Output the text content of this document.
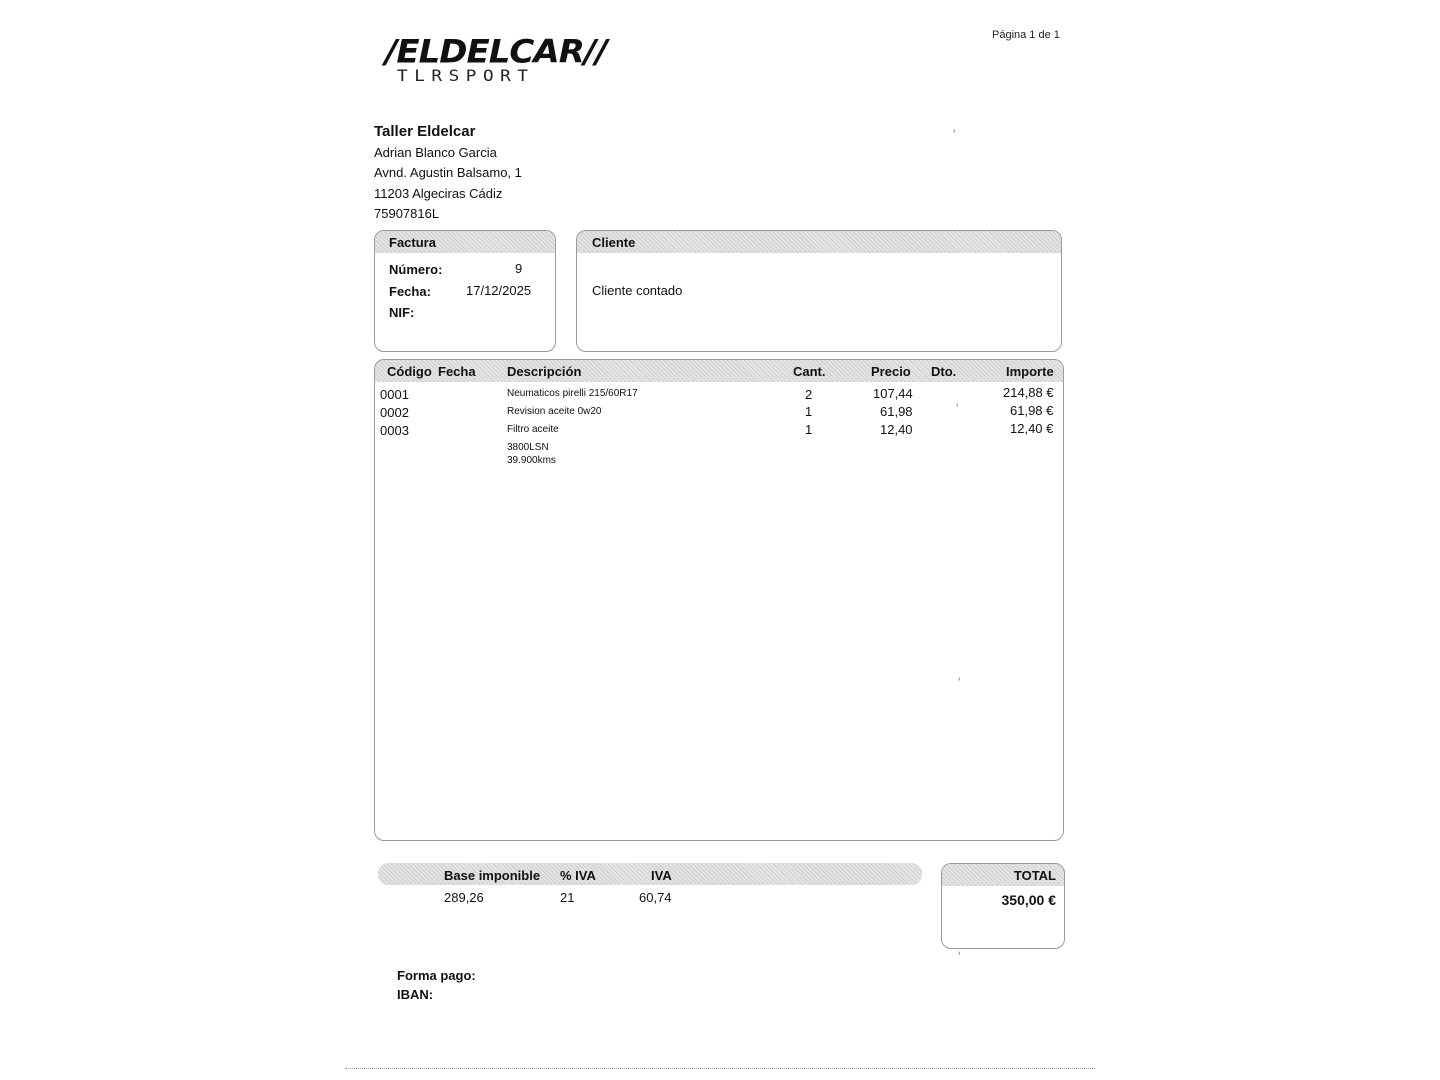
Página 1 de 1
/ELDELCAR//
TLRSPORT
Taller Eldelcar
Adrian Blanco Garcia
Avnd. Agustin Balsamo, 1
11203 Algeciras Cádiz
75907816L
³
Factura
Número:	9
Fecha:	17/12/2025
NIF:
Cliente
Cliente contado
Código Fecha Descripción	Cant.	Precio Dto.	Importe
0001	Neumaticos pirelli 215/60R17	2	107,44	214,88 €
0002	Revision aceite 0w20	1	61,98	³	61,98 €
0003	Filtro aceite	1	12,40	12,40 €
3800LSN
39.900kms
³
Base imponible % IVA	IVA
289,26	21	60,74
TOTAL
350,00 €
³
Forma pago:
IBAN:
